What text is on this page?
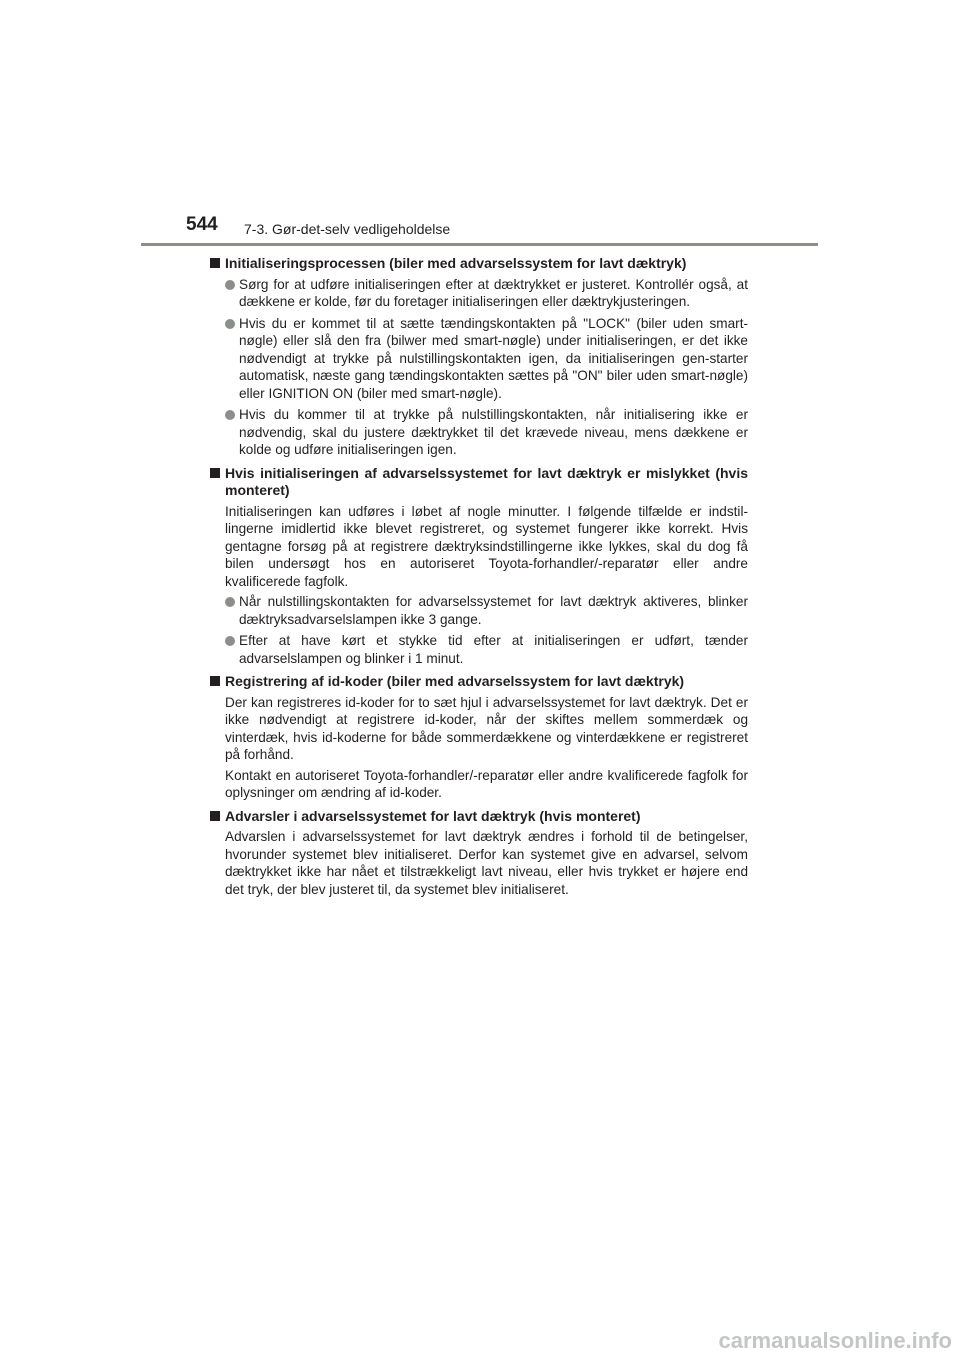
544 7-3. Gør-det-selv vedligeholdelse
Initialiseringsprocessen (biler med advarselssystem for lavt dæktryk)
Sørg for at udføre initialiseringen efter at dæktrykket er justeret. Kontrollér også, at dækkene er kolde, før du foretager initialiseringen eller dæktrykjusteringen.
Hvis du er kommet til at sætte tændingskontakten på "LOCK" (biler uden smart-nøgle) eller slå den fra (bilwer med smart-nøgle) under initialiseringen, er det ikke nødvendigt at trykke på nulstillingskontakten igen, da initialiseringen gen-starter automatisk, næste gang tændingskontakten sættes på "ON" biler uden smart-nøgle) eller IGNITION ON (biler med smart-nøgle).
Hvis du kommer til at trykke på nulstillingskontakten, når initialisering ikke er nødvendig, skal du justere dæktrykket til det krævede niveau, mens dækkene er kolde og udføre initialiseringen igen.
Hvis initialiseringen af advarselssystemet for lavt dæktryk er mislykket (hvis monteret)

Initialiseringen kan udføres i løbet af nogle minutter. I følgende tilfælde er indstil-lingerne imidlertid ikke blevet registreret, og systemet fungerer ikke korrekt. Hvis gentagne forsøg på at registrere dæktryksindstillingerne ikke lykkes, skal du dog få bilen undersøgt hos en autoriseret Toyota-forhandler/-reparatør eller andre kvalificerede fagfolk.

Når nulstillingskontakten for advarselssystemet for lavt dæktryk aktiveres, blinker dæktryksadvarselslampen ikke 3 gange.
Efter at have kørt et stykke tid efter at initialiseringen er udført, tænder advarselslampen og blinker i 1 minut.
Registrering af id-koder (biler med advarselssystem for lavt dæktryk)

Der kan registreres id-koder for to sæt hjul i advarselssystemet for lavt dæktryk. Det er ikke nødvendigt at registrere id-koder, når der skiftes mellem sommerdæk og vinterdæk, hvis id-koderne for både sommerdækkene og vinterdækkene er registreret på forhånd.

Kontakt en autoriseret Toyota-forhandler/-reparatør eller andre kvalificerede fagfolk for oplysninger om ændring af id-koder.

Advarsler i advarselssystemet for lavt dæktryk (hvis monteret)

Advarslen i advarselssystemet for lavt dæktryk ændres i forhold til de betingelser, hvorunder systemet blev initialiseret. Derfor kan systemet give en advarsel, selvom dæktrykket ikke har nået et tilstrækkeligt lavt niveau, eller hvis trykket er højere end det tryk, der blev justeret til, da systemet blev initialiseret.

carmanualsonline.info
